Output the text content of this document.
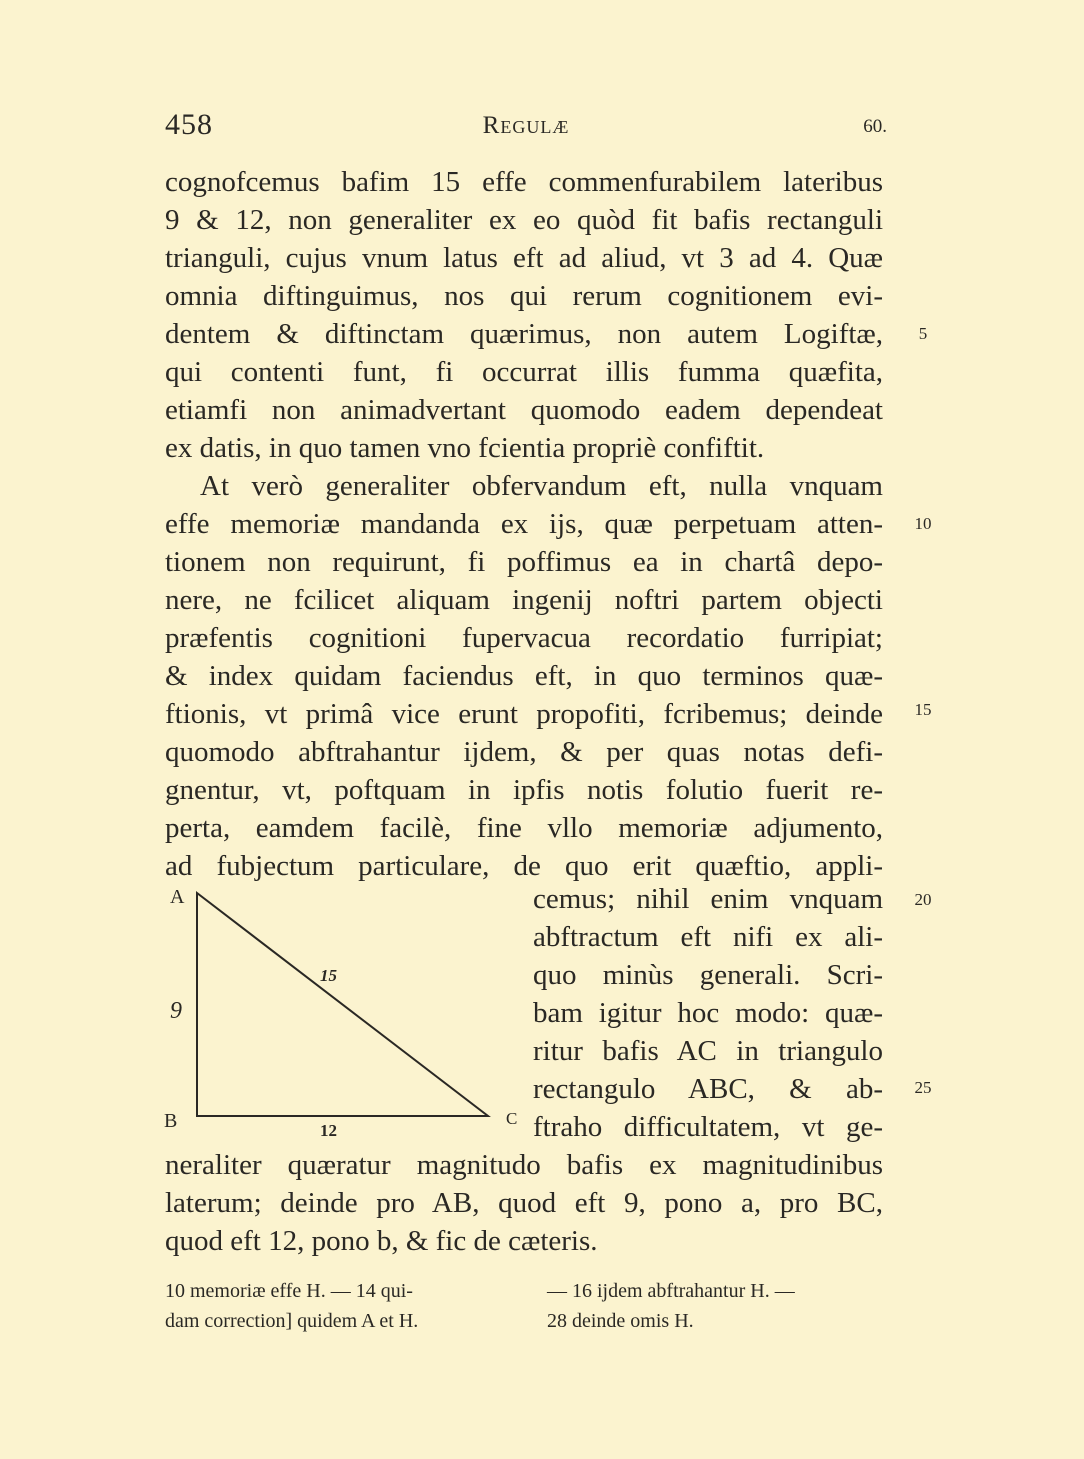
458	Regulæ	60.
cognofcemus bafim 15 effe commenfurabilem lateribus
9 & 12, non generaliter ex eo quòd fit bafis rectanguli
trianguli, cujus vnum latus eft ad aliud, vt 3 ad 4. Quæ
omnia diftinguimus, nos qui rerum cognitionem evi-
dentem & diftinctam quærimus, non autem Logiftæ,
qui contenti funt, fi occurrat illis fumma quæfita,
etiamfi non animadvertant quomodo eadem dependeat
ex datis, in quo tamen vno fcientia propriè confiftit.
At verò generaliter obfervandum eft, nulla vnquam
effe memoriæ mandanda ex ijs, quæ perpetuam atten-
tionem non requirunt, fi poffimus ea in chartâ depo-
nere, ne fcilicet aliquam ingenij noftri partem objecti
præfentis cognitioni fupervacua recordatio furripiat;
& index quidam faciendus eft, in quo terminos quæ-
ftionis, vt primâ vice erunt propofiti, fcribemus; deinde
quomodo abftrahantur ijdem, & per quas notas defi-
gnentur, vt, poftquam in ipfis notis folutio fuerit re-
perta, eamdem facilè, fine vllo memoriæ adjumento,
ad fubjectum particulare, de quo erit quæftio, appli-
cemus; nihil enim vnquam
abftractum eft nifi ex ali-
quo minùs generali. Scri-
bam igitur hoc modo: quæ-
ritur bafis AC in triangulo
rectangulo ABC, & ab-
ftraho difficultatem, vt ge-
neraliter quæratur magnitudo bafis ex magnitudinibus
laterum; deinde pro AB, quod eft 9, pono a, pro BC,
quod eft 12, pono b, & fic de cæteris.
5
10
15
20
25
A
B	C
9
12
15
10 memoriæ effe H. — 14 qui-
dam correction] quidem A et H.
— 16 ijdem abftrahantur H. —
28 deinde omis H.
